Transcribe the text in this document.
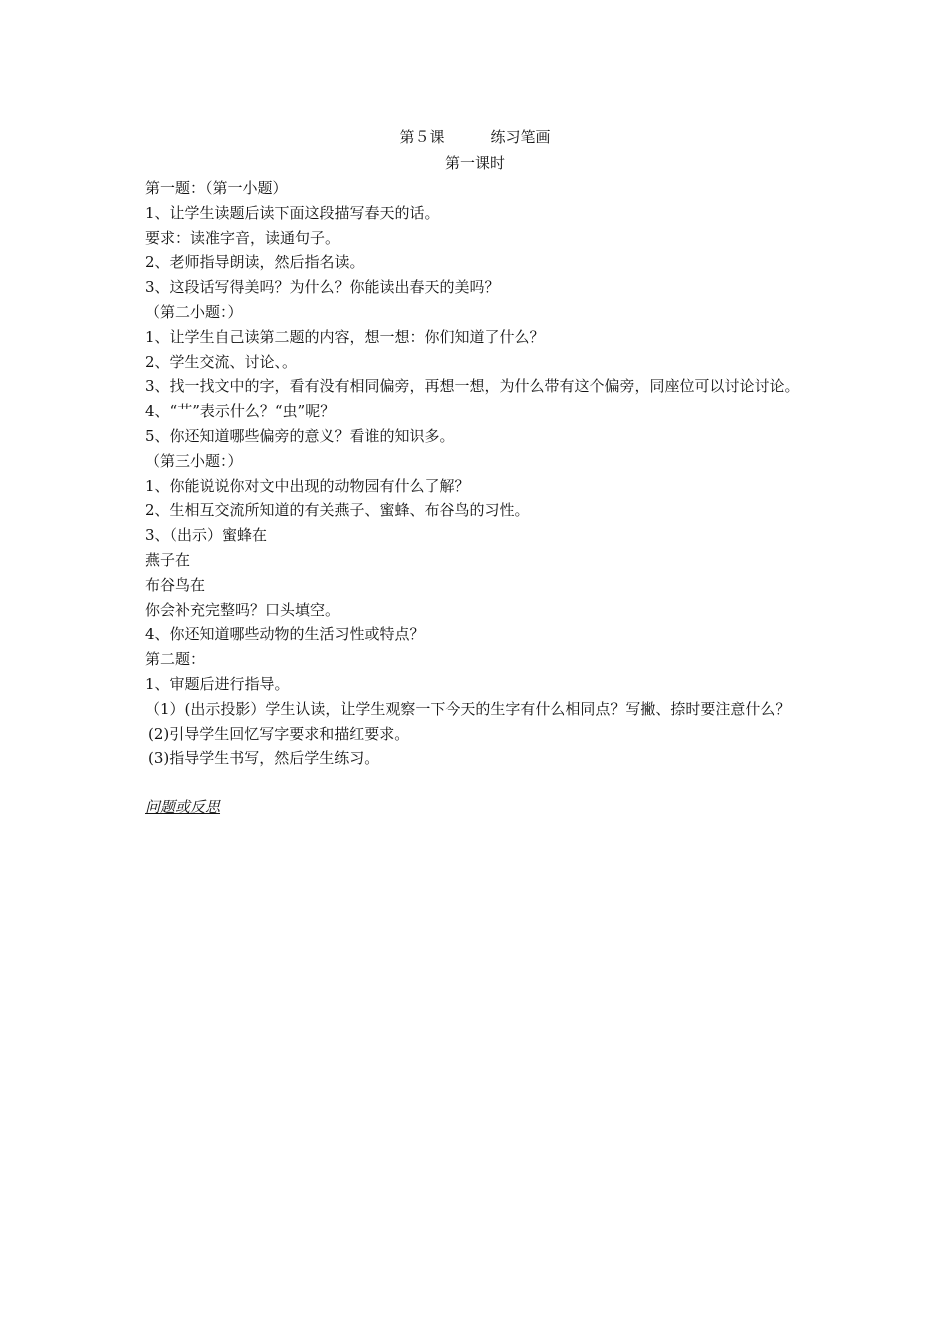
第５课	练习笔画
第一课时
第一题：（第一小题）
1、让学生读题后读下面这段描写春天的话。
要求：读准字音，读通句子。
2、老师指导朗读，然后指名读。
3、这段话写得美吗？为什么？你能读出春天的美吗？
（第二小题：）
1、让学生自己读第二题的内容，想一想：你们知道了什么？
2、学生交流、讨论、。
3、找一找文中的字，看有没有相同偏旁，再想一想，为什么带有这个偏旁，同座位可以讨论讨论。
4、“艹”表示什么？“虫”呢？
5、你还知道哪些偏旁的意义？看谁的知识多。
（第三小题：）
1、你能说说你对文中出现的动物园有什么了解？
2、生相互交流所知道的有关燕子、蜜蜂、布谷鸟的习性。
3、（出示）蜜蜂在
燕子在
布谷鸟在
你会补充完整吗？口头填空。
4、你还知道哪些动物的生活习性或特点？
第二题：
1、审题后进行指导。
（1）(出示投影）学生认读，让学生观察一下今天的生字有什么相同点？写撇、捺时要注意什么？
(2)引导学生回忆写字要求和描红要求。
(3)指导学生书写，然后学生练习。
问题或反思
